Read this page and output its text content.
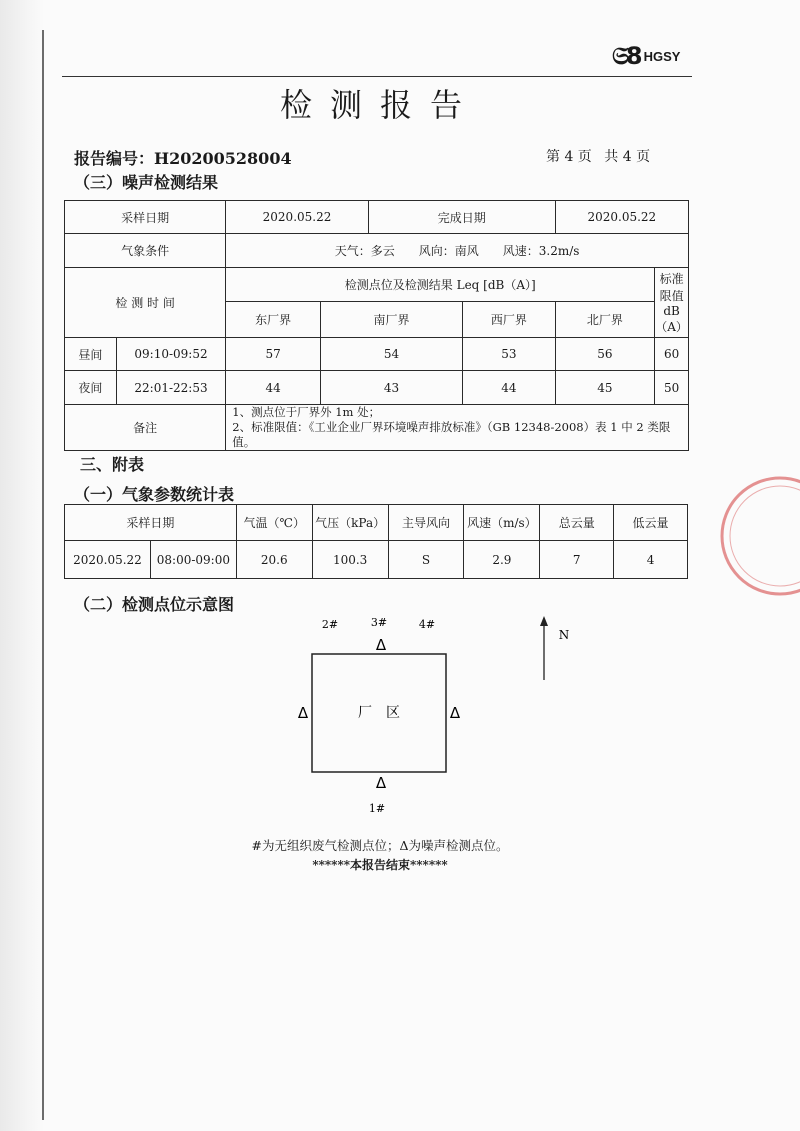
𝔖8 HGSY
检测报告
报告编号：H20200528004	第 4 页 共 4 页
（三）噪声检测结果
采样日期		2020.05.22		完成日期		2020.05.22	
气象条件		天气：多云　　风向：南风　　风速：3.2m/s					
检 测 时 间		检测点位及检测结果 Leq [dB（A）]					标准限值
dB（A）
		东厂界	南厂界		西厂界	北厂界	
昼间	09:10-09:52	57	54		53	56	60
夜间	22:01-22:53	44	43		44	45	50
备注		1、测点位于厂界外 1m 处；
2、标准限值：《工业企业厂界环境噪声排放标准》（GB 12348-2008）表 1 中 2 类限值。					
三、附表
（一）气象参数统计表
采样日期		气温（℃）	气压（kPa）	主导风向	风速（m/s）	总云量	低云量
2020.05.22	08:00-09:00	20.6	100.3	S	2.9	7	4
（二）检测点位示意图
厂　区
2#	3#	4#
1#
Δ
Δ	Δ
Δ
N
#为无组织废气检测点位；Δ为噪声检测点位。
******本报告结束******
